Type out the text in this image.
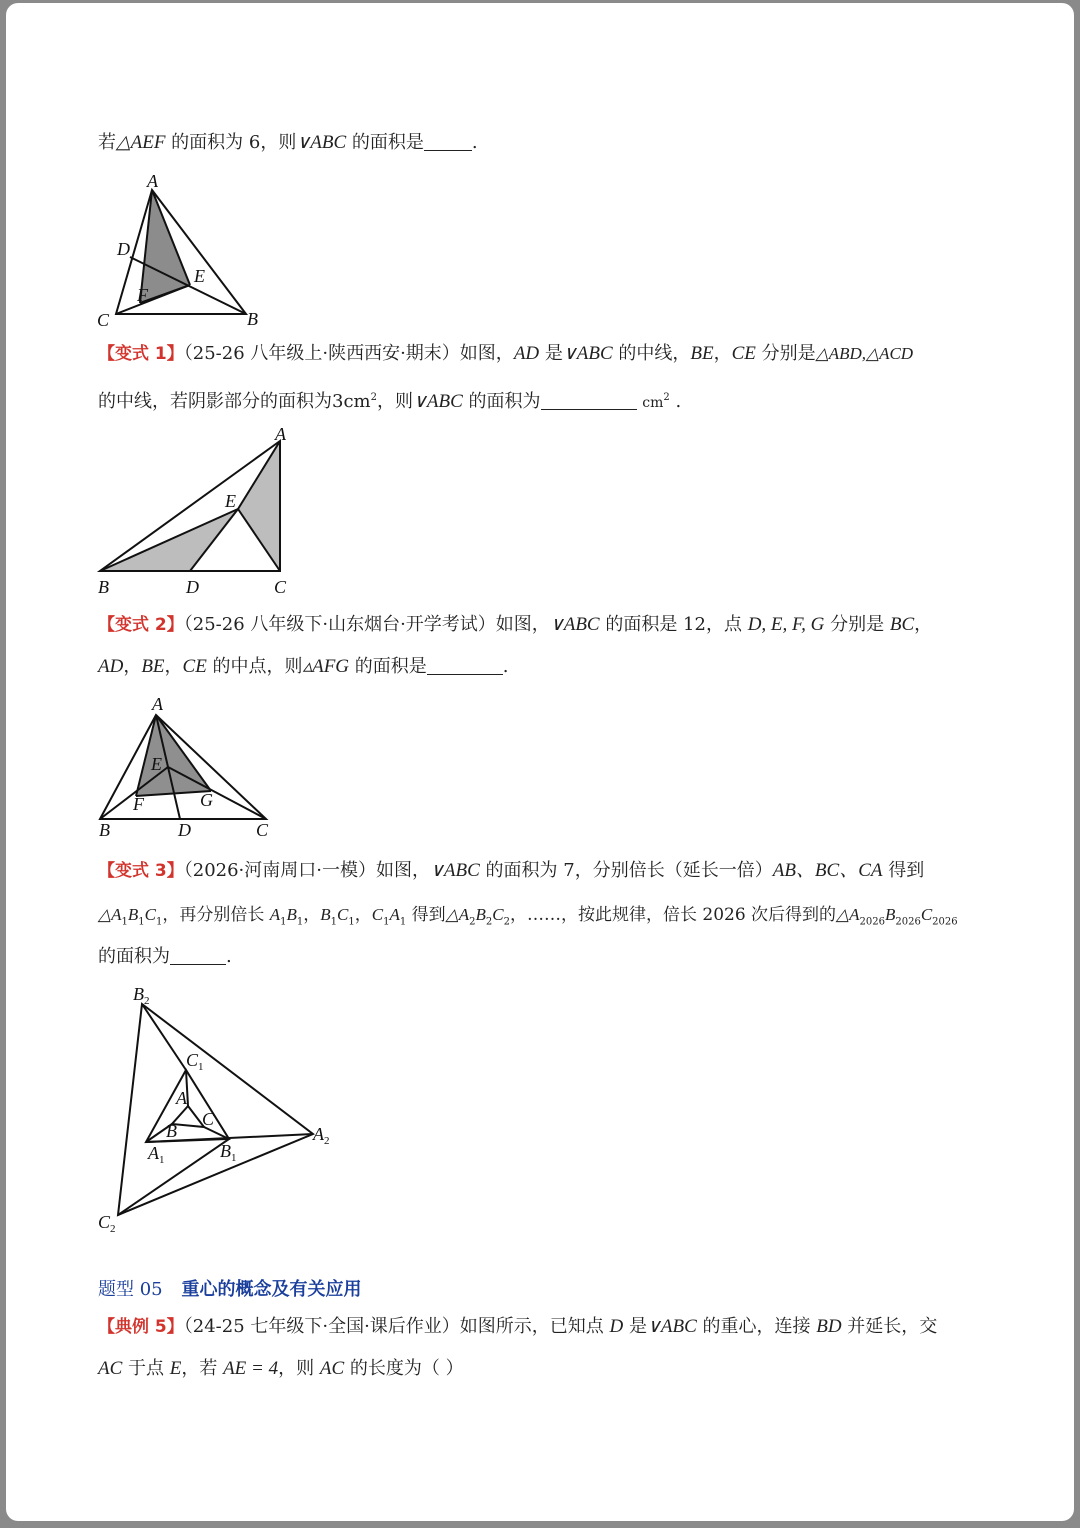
若△AEF 的面积为 6，则∨ABC 的面积是	.
A
D
E
F
C	B
【变式 1】（25-26 八年级上·陕西西安·期末）如图，AD 是∨ABC 的中线，BE，CE 分别是△ABD,△ACD
的中线，若阴影部分的面积为$3cm^2$，则∨ABC 的面积为	$cm^2$ .
A
E
B	D	C
【变式 2】（25-26 八年级下·山东烟台·开学考试）如图，∨ABC 的面积是 12，点 D, E, F, G 分别是 BC，
AD，BE，CE 的中点，则▵AFG 的面积是	.
A
E
F	G
B	D	C
【变式 3】（2026·河南周口·一模）如图，∨ABC 的面积为 7，分别倍长（延长一倍）AB、BC、CA 得到
$\triangle A_1B_1C_1$，再分别倍长 $A_1B_1$，$B_1C_1$，$C_1A_1$ 得到$\triangle A_2B_2C_2$，……，按此规律，倍长 2026 次后得到的$\triangle A_{2026}B_{2026}C_{2026}$
的面积为	.
$B_2$
$C_1$
A
C
B
$A_1$	$B_1$
$A_2$
$C_2$
题型 05 重心的概念及有关应用
【典例 5】（24-25 七年级下·全国·课后作业）如图所示，已知点 D 是∨ABC 的重心，连接 BD 并延长，交
AC 于点 E，若 AE = 4，则 AC 的长度为（ ）
